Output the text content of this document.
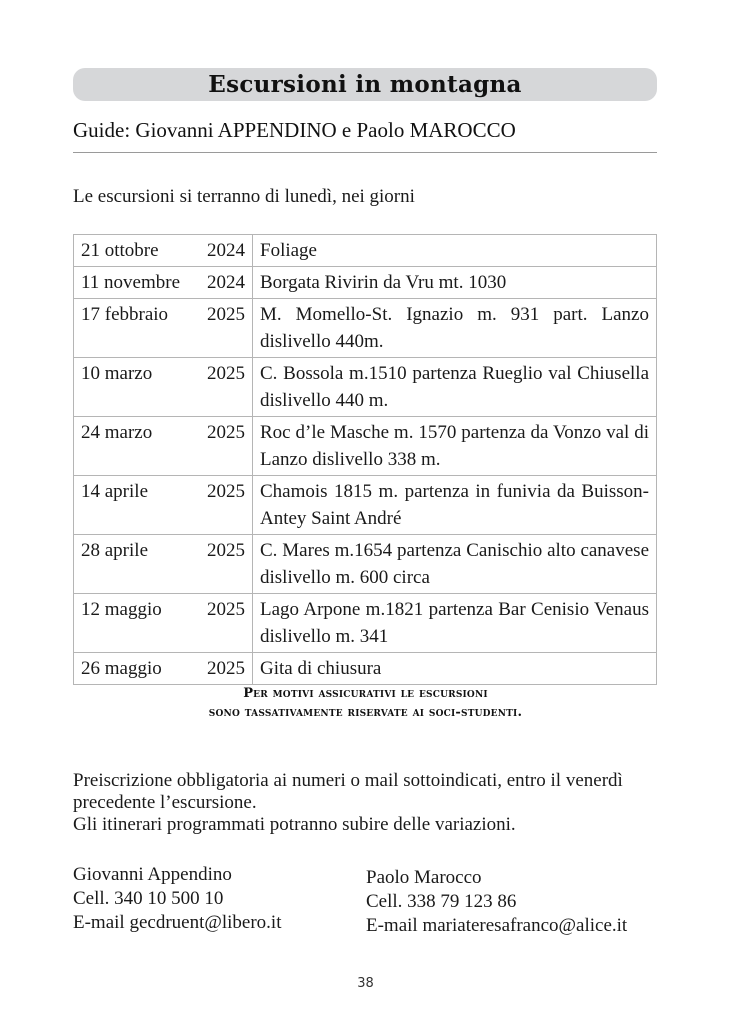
Escursioni in montagna
Guide: Giovanni APPENDINO e Paolo MAROCCO
Le escursioni si terranno di lunedì, nei giorni
21 ottobre 2024	Foliage
11 novembre 2024	Borgata Rivirin da Vru mt. 1030
17 febbraio 2025	M. Momello-St. Ignazio m. 931 part. Lanzo dislivello 440m.
10 marzo 2025	C. Bossola m.1510 partenza Rueglio val Chiusella dislivello 440 m.
24 marzo 2025	Roc d’le Masche m. 1570 partenza da Vonzo val di Lanzo dislivello 338 m.
14 aprile 2025	Chamois 1815 m. partenza in funivia da Buisson-Antey Saint André
28 aprile 2025	C. Mares m.1654 partenza Canischio alto canavese dislivello m. 600 circa
12 maggio 2025	Lago Arpone m.1821 partenza Bar Cenisio Venaus dislivello m. 341
26 maggio 2025	Gita di chiusura
Per motivi assicurativi le escursioni
sono tassativamente riservate ai soci-studenti.
Preiscrizione obbligatoria ai numeri o mail sottoindicati, entro il venerdì precedente l’escursione.
Gli itinerari programmati potranno subire delle variazioni.
Giovanni Appendino
Cell. 340 10 500 10
E-mail gecdruent@libero.it
Paolo Marocco
Cell. 338 79 123 86
E-mail mariateresafranco@alice.it
38
